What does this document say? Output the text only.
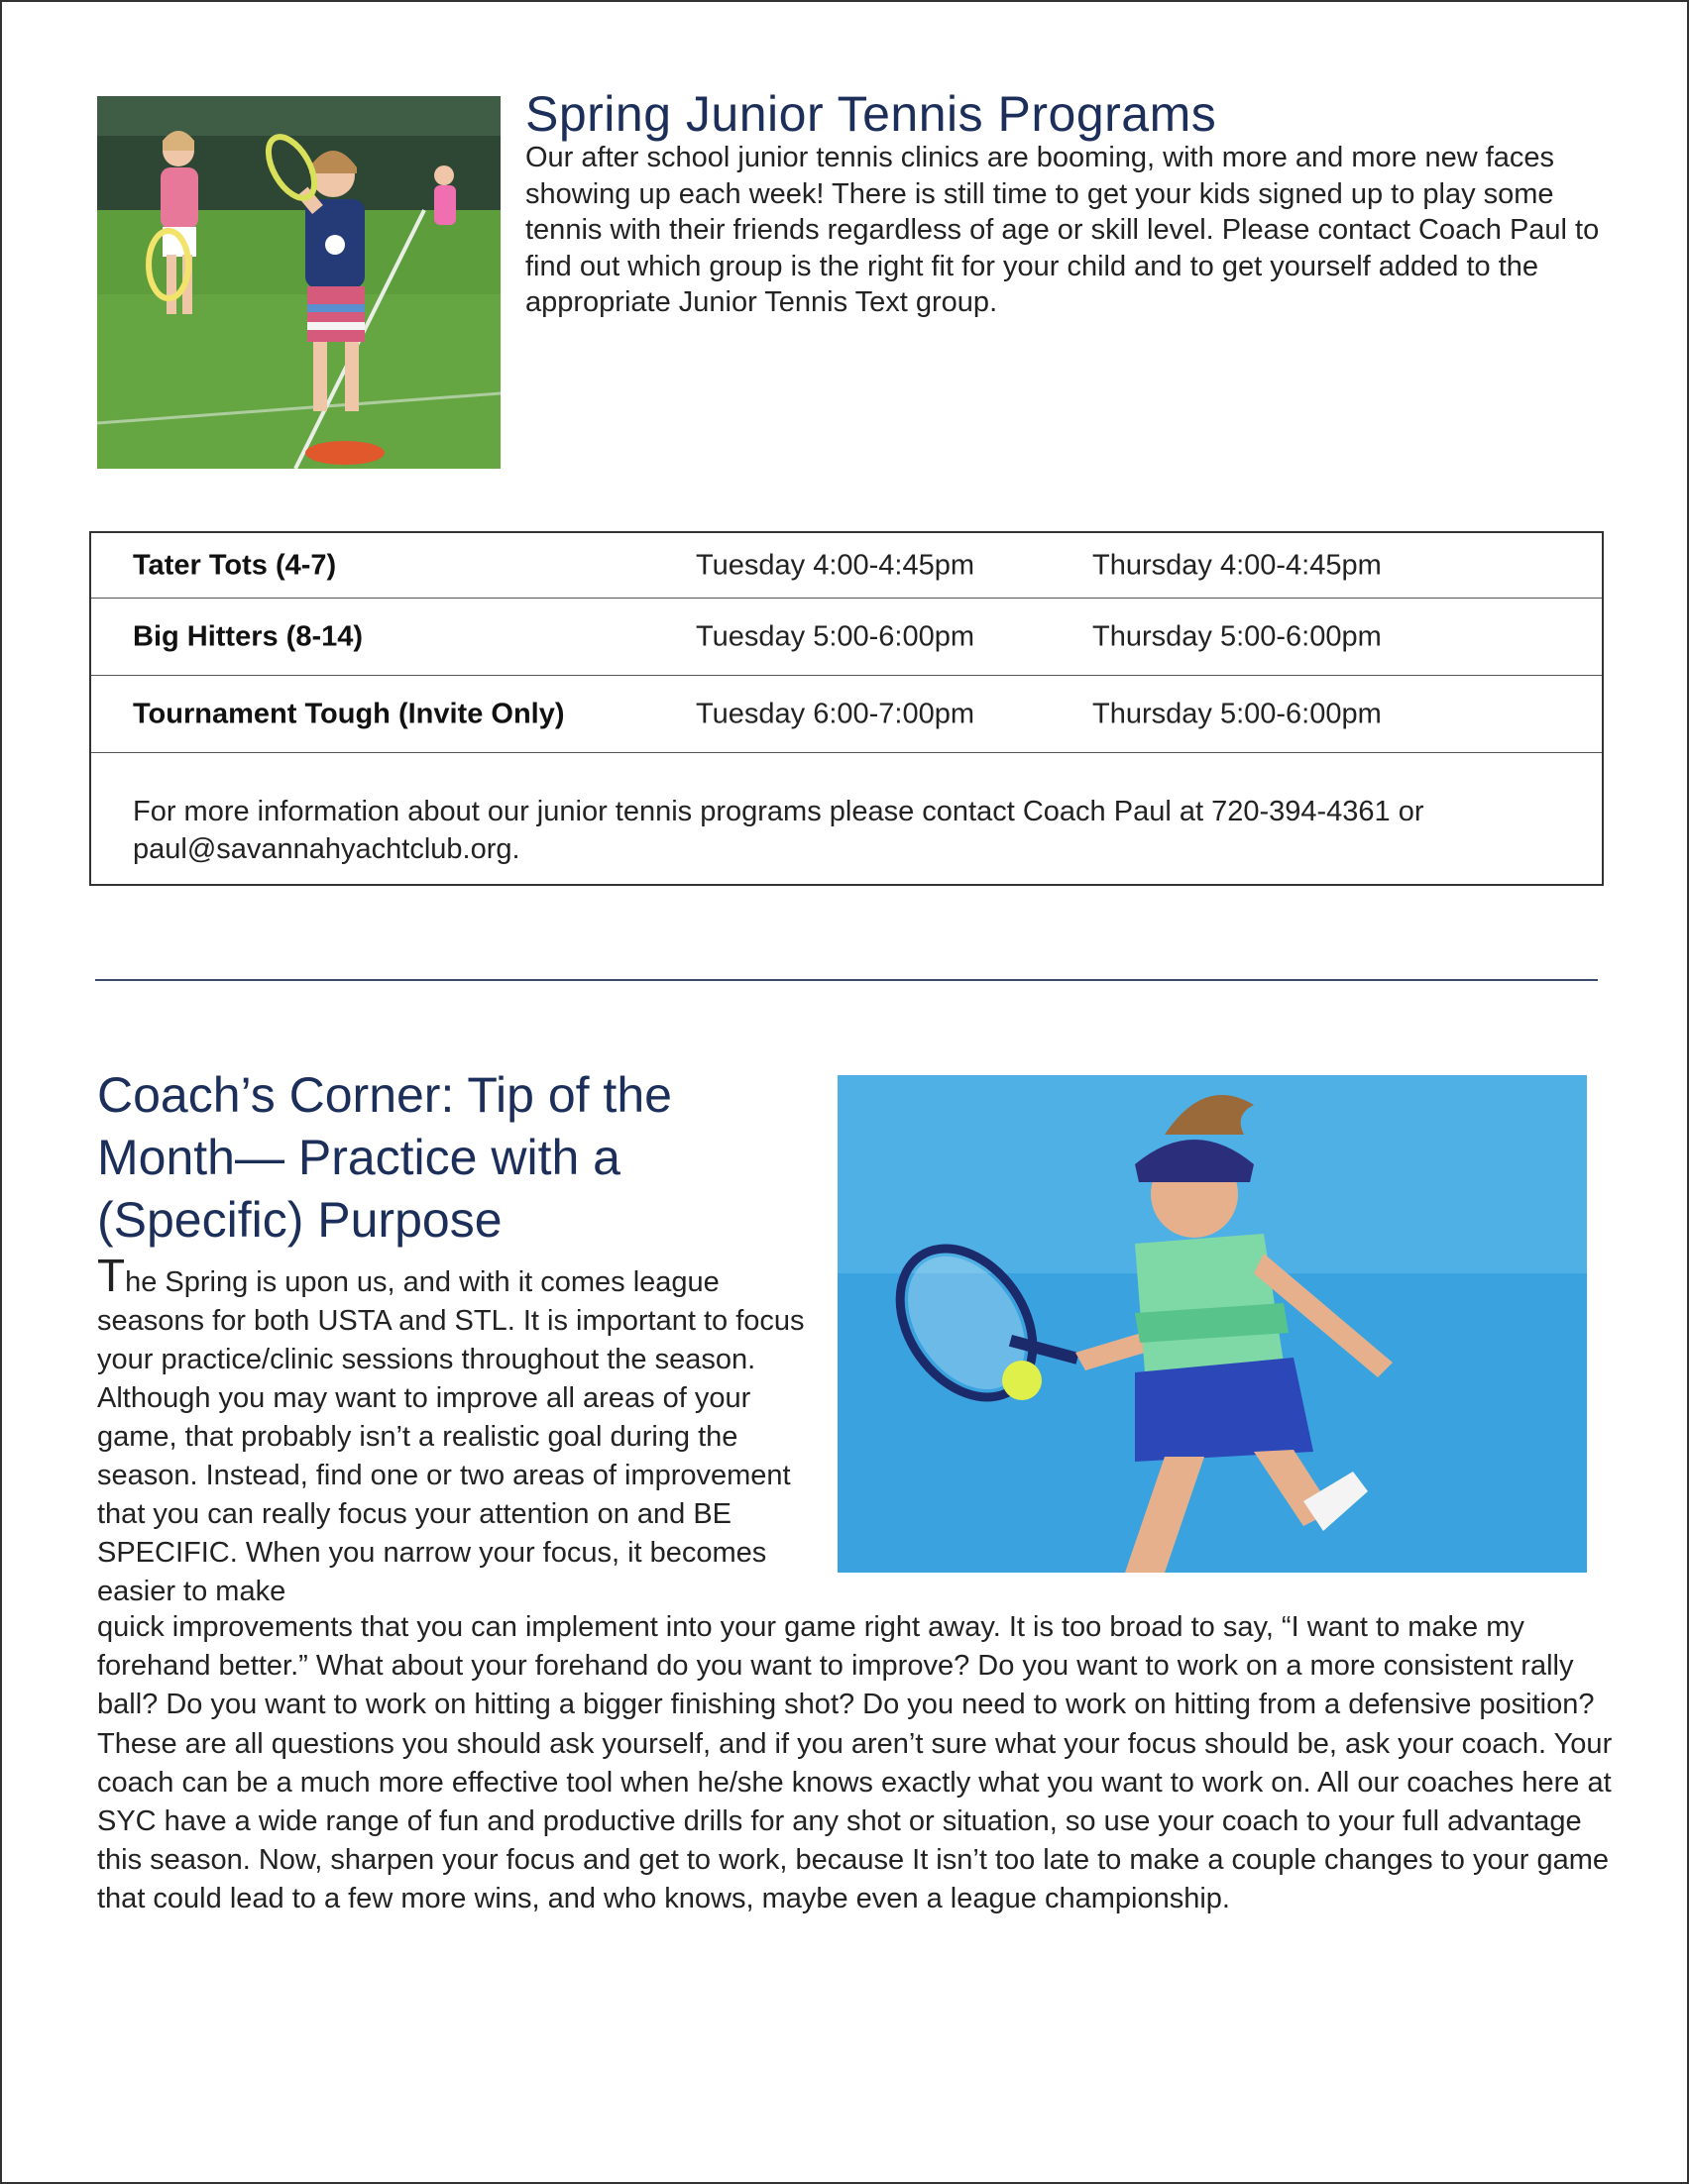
Spring Junior Tennis Programs

Our after school junior tennis clinics are booming, with more and more new faces showing up each week! There is still time to get your kids signed up to play some tennis with their friends regardless of age or skill level. Please contact Coach Paul to find out which group is the right fit for your child and to get yourself added to the appropriate Junior Tennis Text group.

Tater Tots (4-7)	Tuesday 4:00-4:45pm	Thursday 4:00-4:45pm
Big Hitters (8-14)	Tuesday 5:00-6:00pm	Thursday 5:00-6:00pm
Tournament Tough (Invite Only)	Tuesday 6:00-7:00pm	Thursday 5:00-6:00pm

For more information about our junior tennis programs please contact Coach Paul at 720-394-4361 or paul@savannahyachtclub.org.

Coach’s Corner: Tip of the Month— Practice with a (Specific) Purpose
The Spring is upon us, and with it comes league seasons for both USTA and STL. It is important to focus your practice/clinic sessions throughout the season. Although you may want to improve all areas of your game, that probably isn’t a realistic goal during the season. Instead, find one or two areas of improvement that you can really focus your attention on and BE SPECIFIC. When you narrow your focus, it becomes easier to make

quick improvements that you can implement into your game right away. It is too broad to say, “I want to make my forehand better.” What about your forehand do you want to improve? Do you want to work on a more consistent rally ball? Do you want to work on hitting a bigger finishing shot? Do you need to work on hitting from a defensive position? These are all questions you should ask yourself, and if you aren’t sure what your focus should be, ask your coach. Your coach can be a much more effective tool when he/she knows exactly what you want to work on. All our coaches here at SYC have a wide range of fun and productive drills for any shot or situation, so use your coach to your full advantage this season. Now, sharpen your focus and get to work, because It isn’t too late to make a couple changes to your game that could lead to a few more wins, and who knows, maybe even a league championship.
